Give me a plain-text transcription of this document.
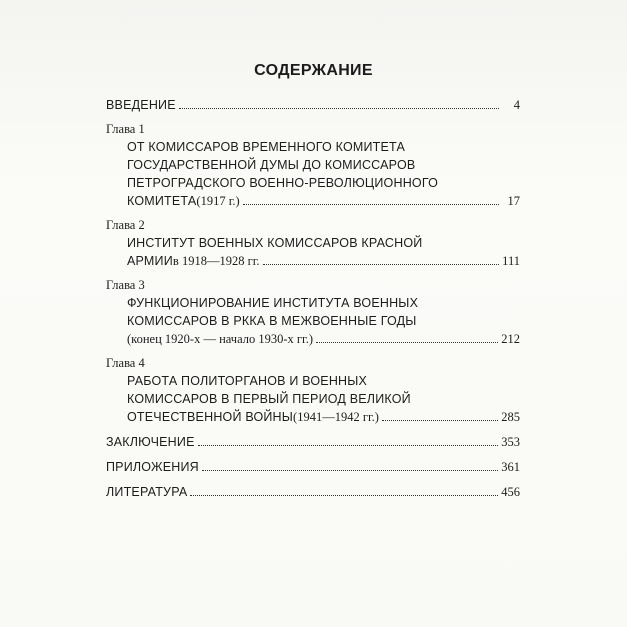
СОДЕРЖАНИЕ
ВВЕДЕНИЕ	4
Глава 1
ОТ КОМИССАРОВ ВРЕМЕННОГО КОМИТЕТА
ГОСУДАРСТВЕННОЙ ДУМЫ ДО КОМИССАРОВ
ПЕТРОГРАДСКОГО ВОЕННО-РЕВОЛЮЦИОННОГО
КОМИТЕТА (1917 г.)	17
Глава 2
ИНСТИТУТ ВОЕННЫХ КОМИССАРОВ КРАСНОЙ
АРМИИ в 1918—1928 гг.	111
Глава 3
ФУНКЦИОНИРОВАНИЕ ИНСТИТУТА ВОЕННЫХ
КОМИССАРОВ В РККА В МЕЖВОЕННЫЕ ГОДЫ
(конец 1920-х — начало 1930-х гг.)	212
Глава 4
РАБОТА ПОЛИТОРГАНОВ И ВОЕННЫХ
КОМИССАРОВ В ПЕРВЫЙ ПЕРИОД ВЕЛИКОЙ
ОТЕЧЕСТВЕННОЙ ВОЙНЫ (1941—1942 гг.)	285
ЗАКЛЮЧЕНИЕ	353
ПРИЛОЖЕНИЯ	361
ЛИТЕРАТУРА	456
